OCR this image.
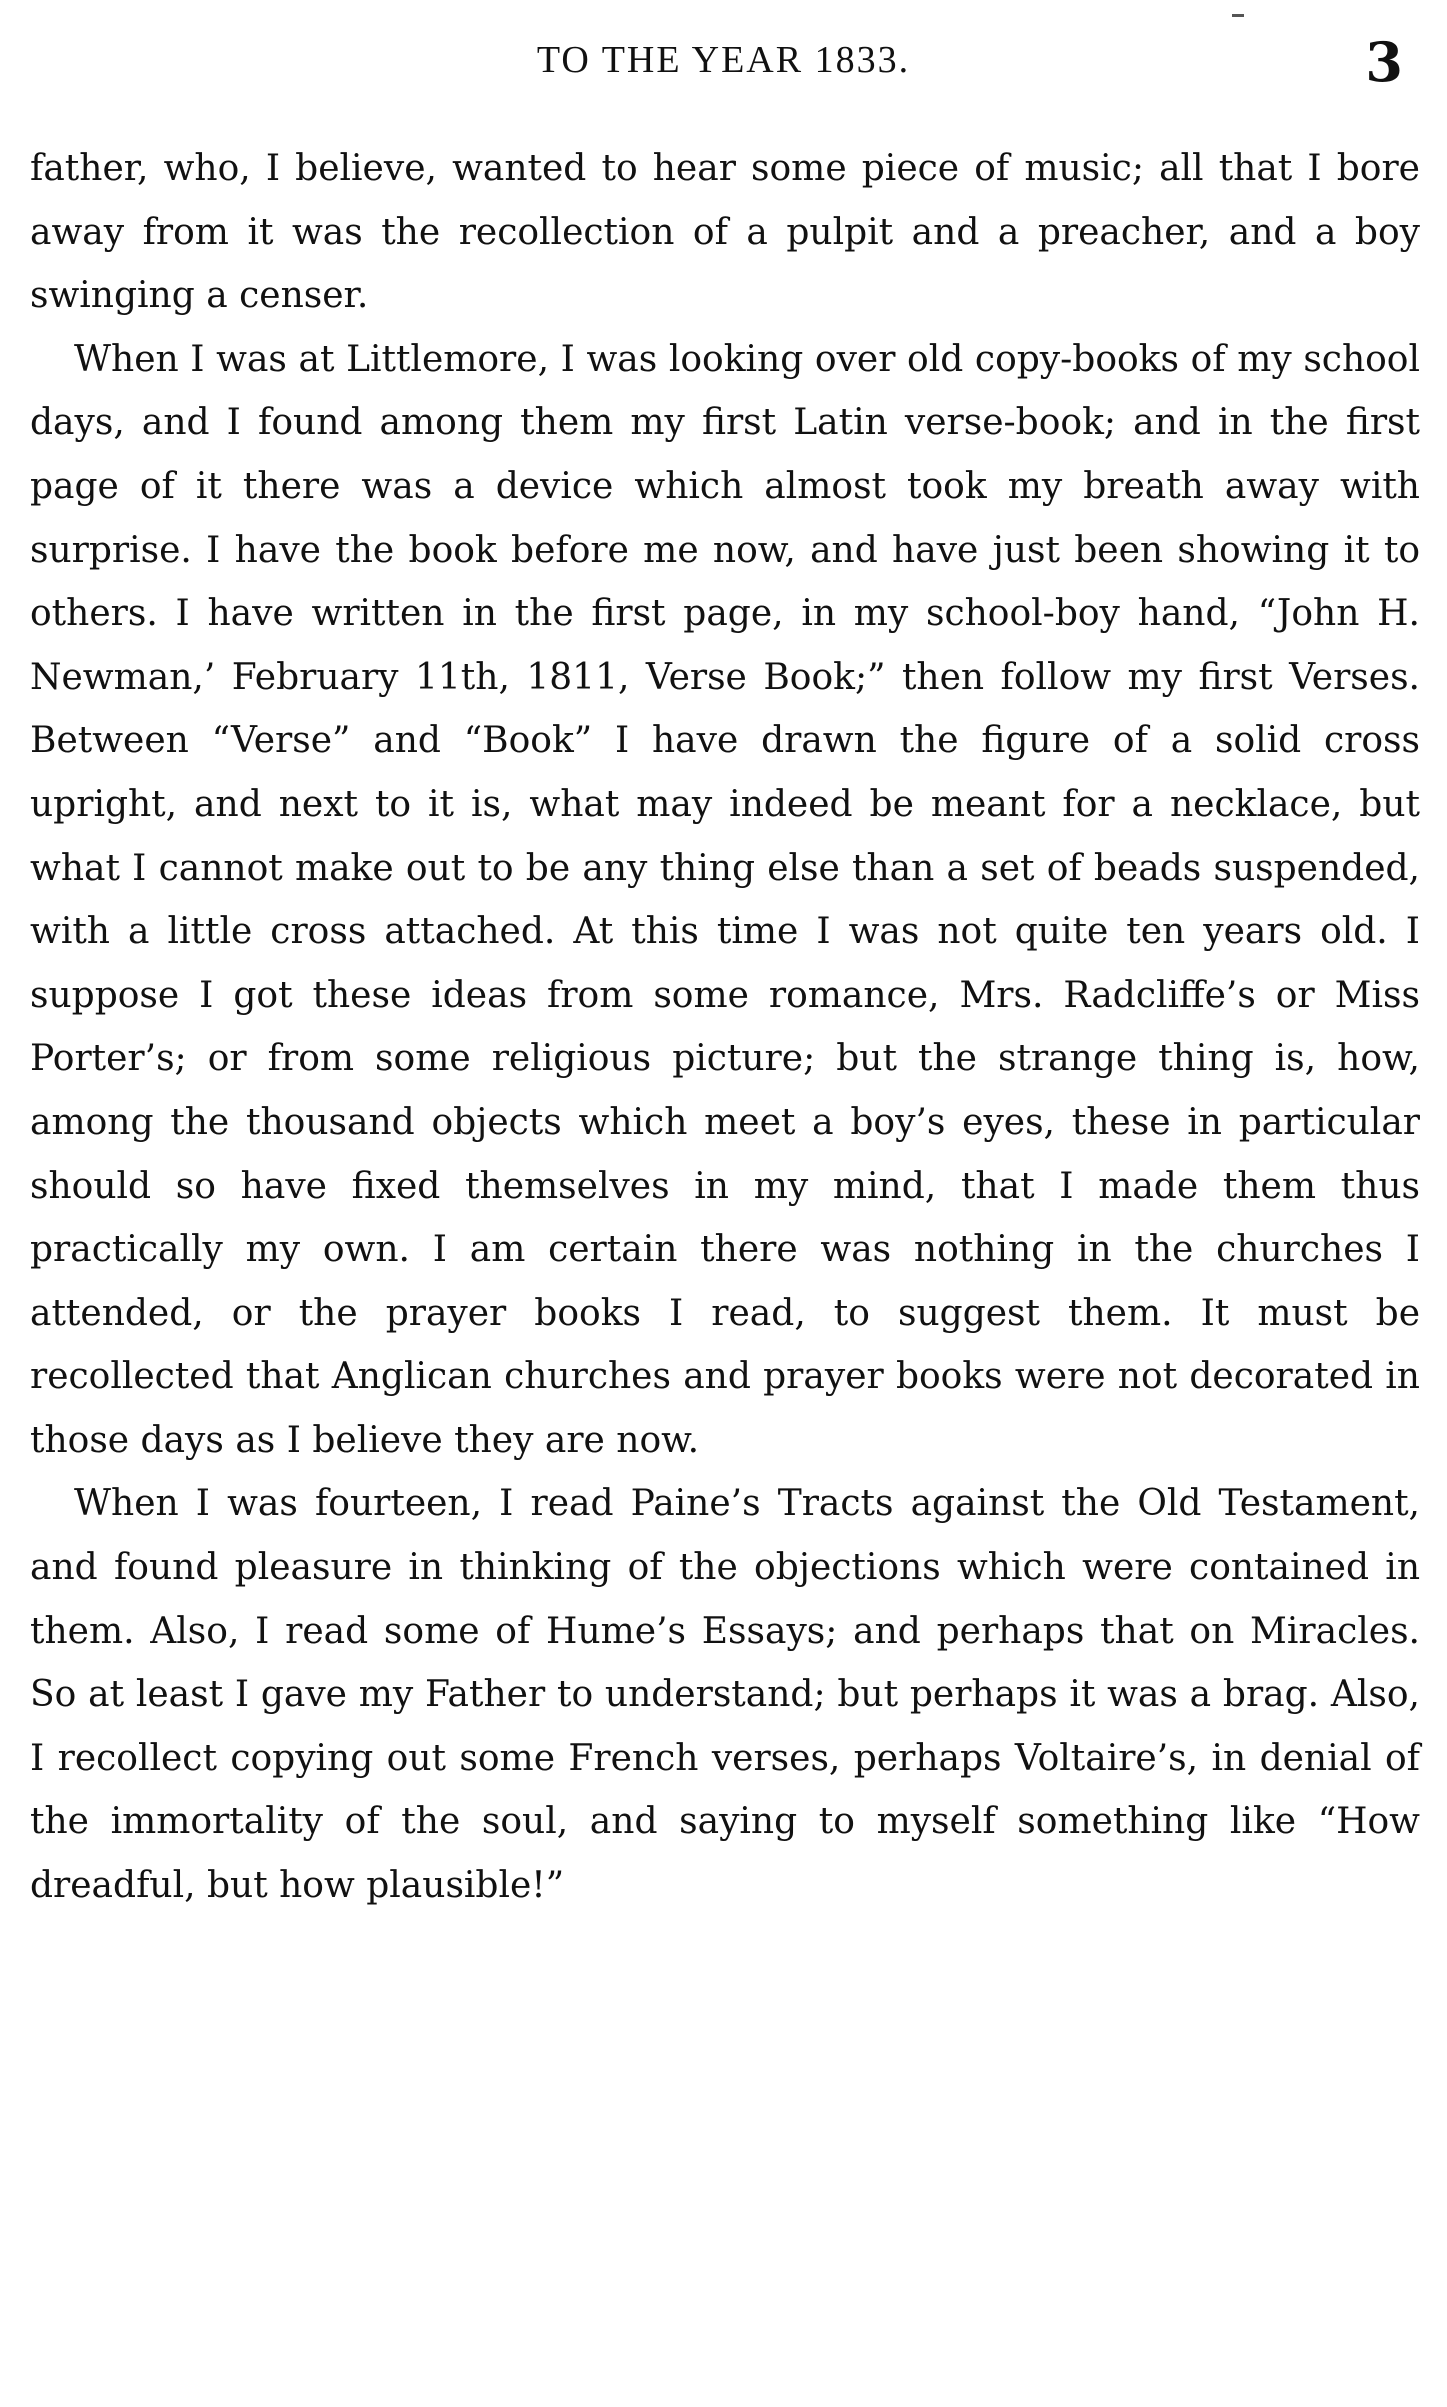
TO THE YEAR 1833.	3

father, who, I believe, wanted to hear some piece of music; all that I bore away from it was the recollection of a pulpit and a preacher, and a boy swinging a censer.

When I was at Littlemore, I was looking over old copy-books of my school days, and I found among them my first Latin verse-book; and in the first page of it there was a device which almost took my breath away with surprise. I have the book before me now, and have just been showing it to others. I have written in the first page, in my school-boy hand, “John H. Newman,’ February 11th, 1811, Verse Book;” then follow my first Verses. Between “Verse” and “Book” I have drawn the figure of a solid cross upright, and next to it is, what may indeed be meant for a necklace, but what I cannot make out to be any thing else than a set of beads suspended, with a little cross attached. At this time I was not quite ten years old. I suppose I got these ideas from some romance, Mrs. Radcliffe’s or Miss Porter’s; or from some religious picture; but the strange thing is, how, among the thousand objects which meet a boy’s eyes, these in particular should so have fixed themselves in my mind, that I made them thus practically my own. I am certain there was nothing in the churches I attended, or the prayer books I read, to suggest them. It must be recollected that Anglican churches and prayer books were not decorated in those days as I believe they are now.

When I was fourteen, I read Paine’s Tracts against the Old Testament, and found pleasure in thinking of the objections which were contained in them. Also, I read some of Hume’s Essays; and perhaps that on Miracles. So at least I gave my Father to understand; but perhaps it was a brag. Also, I recollect copying out some French verses, perhaps Voltaire’s, in denial of the immortality of the soul, and saying to myself something like “How dreadful, but how plausible!”
